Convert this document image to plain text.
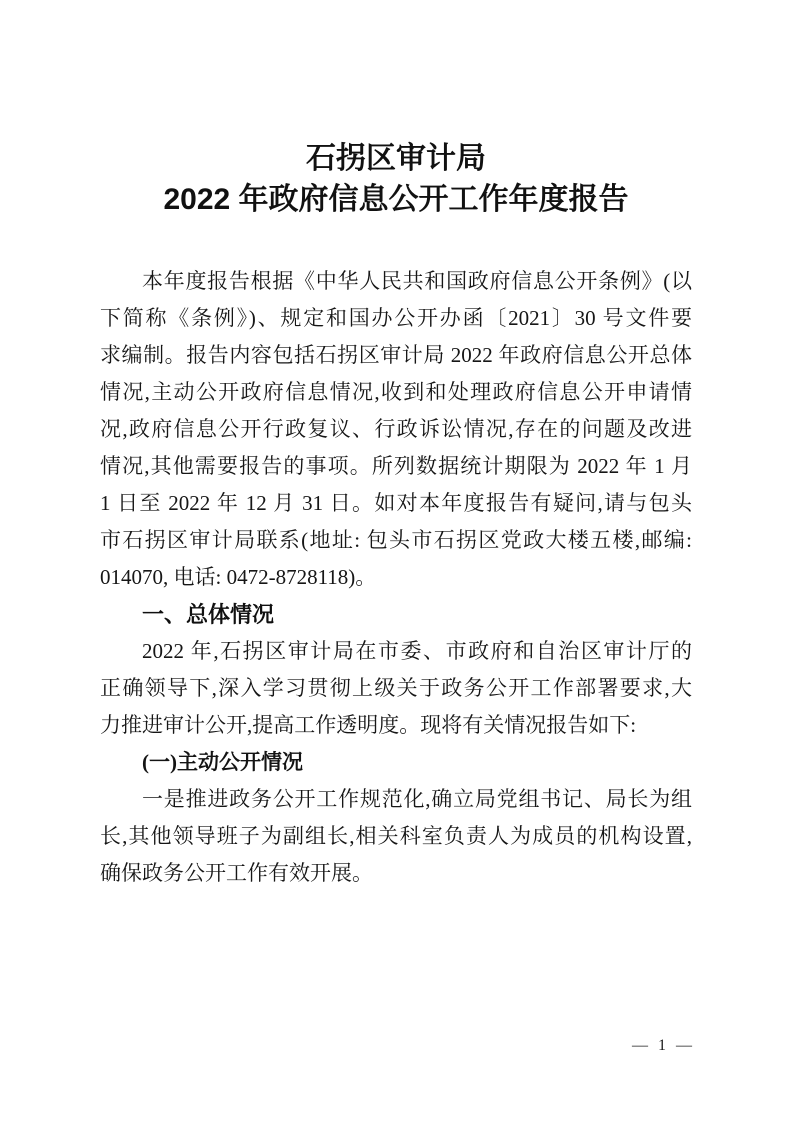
石拐区审计局
2022 年政府信息公开工作年度报告
本年度报告根据《中华人民共和国政府信息公开条例》(以
下简称《条例》)、规定和国办公开办函〔2021〕30 号文件要
求编制。报告内容包括石拐区审计局 2022 年政府信息公开总体
情况,主动公开政府信息情况,收到和处理政府信息公开申请情
况,政府信息公开行政复议、行政诉讼情况,存在的问题及改进
情况,其他需要报告的事项。所列数据统计期限为 2022 年 1 月
1 日至 2022 年 12 月 31 日。如对本年度报告有疑问,请与包头
市石拐区审计局联系(地址: 包头市石拐区党政大楼五楼,邮编:
014070, 电话: 0472-8728118)。
一、总体情况
2022 年,石拐区审计局在市委、市政府和自治区审计厅的
正确领导下,深入学习贯彻上级关于政务公开工作部署要求,大
力推进审计公开,提高工作透明度。现将有关情况报告如下:
(一)主动公开情况
一是推进政务公开工作规范化,确立局党组书记、局长为组
长,其他领导班子为副组长,相关科室负责人为成员的机构设置,
确保政务公开工作有效开展。
— 1 —
